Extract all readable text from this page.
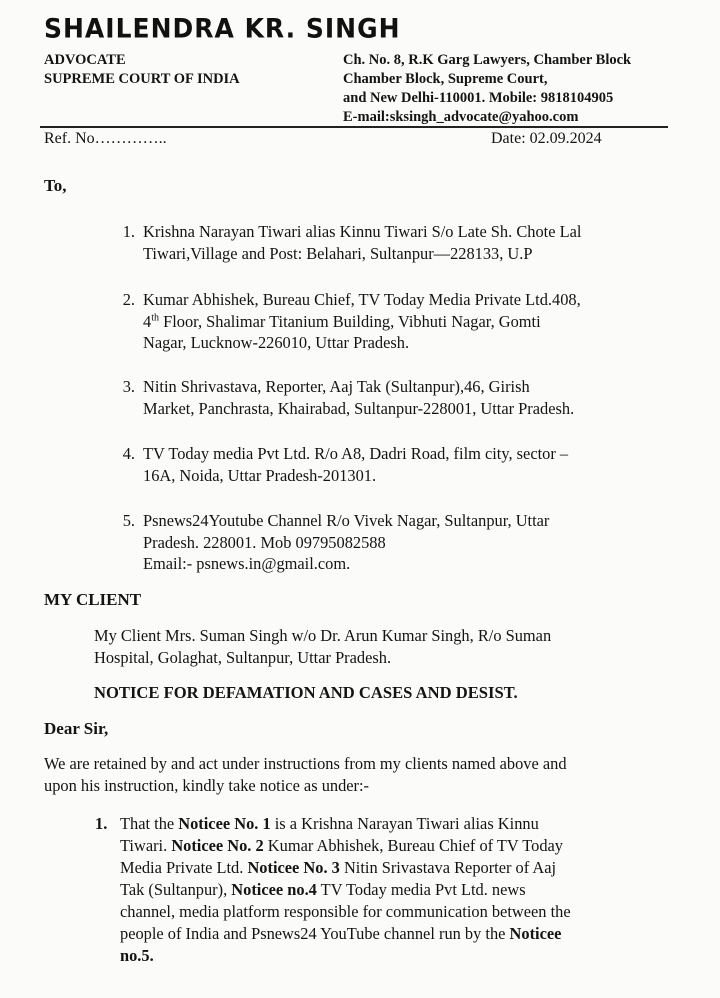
SHAILENDRA KR. SINGH
ADVOCATE
SUPREME COURT OF INDIA
Ch. No. 8, R.K Garg Lawyers, Chamber Block
Chamber Block, Supreme Court,
and New Delhi-110001. Mobile: 9818104905
E-mail:sksingh_advocate@yahoo.com
Ref. No…………..	Date: 02.09.2024
To,
1. Krishna Narayan Tiwari alias Kinnu Tiwari S/o Late Sh. Chote Lal
Tiwari,Village and Post: Belahari, Sultanpur—228133, U.P
2. Kumar Abhishek, Bureau Chief, TV Today Media Private Ltd.408,
4th Floor, Shalimar Titanium Building, Vibhuti Nagar, Gomti
Nagar, Lucknow-226010, Uttar Pradesh.
3. Nitin Shrivastava, Reporter, Aaj Tak (Sultanpur),46, Girish
Market, Panchrasta, Khairabad, Sultanpur-228001, Uttar Pradesh.
4. TV Today media Pvt Ltd. R/o A8, Dadri Road, film city, sector –
16A, Noida, Uttar Pradesh-201301.
5. Psnews24Youtube Channel R/o Vivek Nagar, Sultanpur, Uttar
Pradesh. 228001. Mob 09795082588
Email:- psnews.in@gmail.com.
MY CLIENT
My Client Mrs. Suman Singh w/o Dr. Arun Kumar Singh, R/o Suman
Hospital, Golaghat, Sultanpur, Uttar Pradesh.
NOTICE FOR DEFAMATION AND CASES AND DESIST.
Dear Sir,
We are retained by and act under instructions from my clients named above and
upon his instruction, kindly take notice as under:-
1. That the Noticee No. 1 is a Krishna Narayan Tiwari alias Kinnu
Tiwari. Noticee No. 2 Kumar Abhishek, Bureau Chief of TV Today
Media Private Ltd. Noticee No. 3 Nitin Srivastava Reporter of Aaj
Tak (Sultanpur), Noticee no.4 TV Today media Pvt Ltd. news
channel, media platform responsible for communication between the
people of India and Psnews24 YouTube channel run by the Noticee
no.5.
